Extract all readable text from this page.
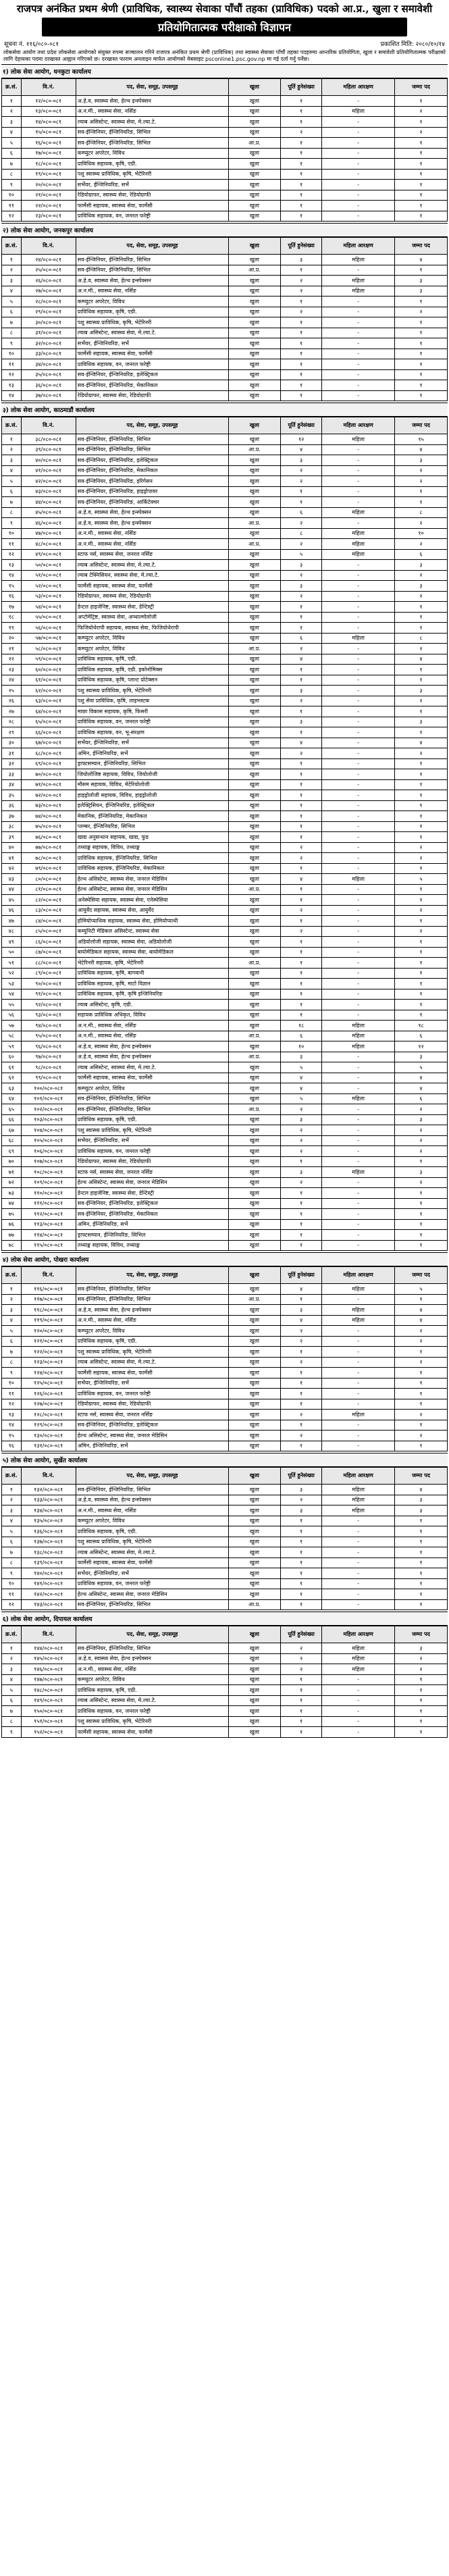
राजपत्र अनंकित प्रथम श्रेणी (प्राविधिक, स्वास्थ्य सेवाका पाँचौं तहका (प्राविधिक) पदको आ.प्र., खुला र समावेशी
प्रतियोगितात्मक परीक्षाको विज्ञापन
सूचना नं. ११६/०८०-०८१	प्रकाशित मिति: २०८०/१०/१४
लोकसेवा आयोग तथा प्रदेश लोकसेवा आयोगको संयुक्त रुपमा सञ्चालन गरिने राजपत्र अनंकित प्रथम श्रेणी (प्राविधिक) तथा स्वास्थ्य सेवाका पाँचौं तहका पदहरुमा आन्तरिक प्रतियोगिता, खुला र समावेशी प्रतियोगितात्मक परीक्षाको लागि देहायका पदमा दरखास्त आह्वान गरिएको छ। दरखास्त फाराम अनलाइन मार्फत आयोगको वेबसाइट psconline1.psc.gov.np मा गई दर्ता गर्नु पर्नेछ।
१) लोक सेवा आयोग, धनकुटा कार्यालय
क्र.सं.	वि.नं.	पद, सेवा, समूह, उपसमूह	खुला	पूर्ति हुनेसंख्या	महिला आरक्षण	जम्मा पद
१	१२/०८०-०८१	अ.हे.व, स्वास्थ्य सेवा, हेल्थ इन्स्पेक्सन	खुला	१	-	१
२	१३/०८०-०८१	अ.न.मी., स्वास्थ्य सेवा, नर्सिङ	खुला	१	महिला	२
३	१४/०८०-०८१	ल्याब असिस्टेन्ट, स्वास्थ्य सेवा, मे.ल्या.टे.	खुला	१	-	१
४	१५/०८०-०८१	सव-ईन्जिनियर, ईन्जिनियरिङ, सिभिल	खुला	२	-	२
५	१६/०८०-०८१	सव-ईन्जिनियर, ईन्जिनियरिङ, सिभिल	आ.प्र.	१	-	१
६	१७/०८०-०८१	कम्प्युटर अपरेटर, विविध	खुला	१	-	१
७	१८/०८०-०८१	प्राविधिक सहायक, कृषि, एग्री.	खुला	१	-	१
८	१९/०८०-०८१	पशु स्वास्थ्य प्राविधिक, कृषि, भेटेरिनरी	खुला	१	-	१
९	२०/०८०-०८१	सर्भेयर, ईन्जिनियरिङ, सर्भे	खुला	१	-	१
१०	२१/०८०-०८१	रेडियोग्राफर, स्वास्थ्य सेवा, रेडियोग्राफी	खुला	१	-	१
११	२२/०८०-०८१	फार्मेसी सहायक, स्वास्थ्य सेवा, फार्मेसी	खुला	१	-	१
१२	२३/०८०-०८१	प्राविधिक सहायक, वन, जनरल फरेष्ट्री	खुला	१	-	१
२) लोक सेवा आयोग, जनकपुर कार्यालय
क्र.सं.	वि.नं.	पद, सेवा, समूह, उपसमूह	खुला	पूर्ति हुनेसंख्या	महिला आरक्षण	जम्मा पद
१	२४/०८०-०८१	सव-ईन्जिनियर, ईन्जिनियरिङ, सिभिल	खुला	३	महिला	४
२	२५/०८०-०८१	सव-ईन्जिनियर, ईन्जिनियरिङ, सिभिल	आ.प्र.	१	-	१
३	२६/०८०-०८१	अ.हे.व, स्वास्थ्य सेवा, हेल्थ इन्स्पेक्सन	खुला	२	महिला	३
४	२७/०८०-०८१	अ.न.मी., स्वास्थ्य सेवा, नर्सिङ	खुला	२	महिला	३
५	२८/०८०-०८१	कम्प्युटर अपरेटर, विविध	खुला	१	-	१
६	२९/०८०-०८१	प्राविधिक सहायक, कृषि, एग्री.	खुला	२	-	२
७	३०/०८०-०८१	पशु स्वास्थ्य प्राविधिक, कृषि, भेटेरिनरी	खुला	१	-	१
८	३१/०८०-०८१	ल्याब असिस्टेन्ट, स्वास्थ्य सेवा, मे.ल्या.टे.	खुला	१	-	१
९	३२/०८०-०८१	सर्भेयर, ईन्जिनियरिङ, सर्भे	खुला	१	-	१
१०	३३/०८०-०८१	फार्मेसी सहायक, स्वास्थ्य सेवा, फार्मेसी	खुला	१	-	१
११	३४/०८०-०८१	प्राविधिक सहायक, वन, जनरल फरेष्ट्री	खुला	१	-	१
१२	३५/०८०-०८१	सव-ईन्जिनियर, ईन्जिनियरिङ, इलेक्ट्रिकल	खुला	१	-	१
१३	३६/०८०-०८१	सव-ईन्जिनियर, ईन्जिनियरिङ, मेकानिकल	खुला	१	-	१
१४	३७/०८०-०८१	रेडियोग्राफर, स्वास्थ्य सेवा, रेडियोग्राफी	खुला	१	-	१
३) लोक सेवा आयोग, काठमाडौं कार्यालय
क्र.सं.	वि.नं.	पद, सेवा, समूह, उपसमूह	खुला	पूर्ति हुनेसंख्या	महिला आरक्षण	जम्मा पद
१	३८/०८०-०८१	सव-ईन्जिनियर, ईन्जिनियरिङ, सिभिल	खुला	१२	महिला	१५
२	३९/०८०-०८१	सव-ईन्जिनियर, ईन्जिनियरिङ, सिभिल	आ.प्र.	४	-	४
३	४०/०८०-०८१	सव-ईन्जिनियर, ईन्जिनियरिङ, इलेक्ट्रिकल	खुला	३	-	३
४	४१/०८०-०८१	सव-ईन्जिनियर, ईन्जिनियरिङ, मेकानिकल	खुला	२	-	२
५	४२/०८०-०८१	सव-ईन्जिनियर, ईन्जिनियरिङ, इरिगेसन	खुला	२	-	२
६	४३/०८०-०८१	सव-ईन्जिनियर, ईन्जिनियरिङ, हाइड्रोपावर	खुला	१	-	१
७	४४/०८०-०८१	सव-ईन्जिनियर, ईन्जिनियरिङ, आर्किटेक्चर	खुला	१	-	१
८	४५/०८०-०८१	अ.हे.व, स्वास्थ्य सेवा, हेल्थ इन्स्पेक्सन	खुला	६	महिला	८
९	४६/०८०-०८१	अ.हे.व, स्वास्थ्य सेवा, हेल्थ इन्स्पेक्सन	आ.प्र.	२	-	२
१०	४७/०८०-०८१	अ.न.मी., स्वास्थ्य सेवा, नर्सिङ	खुला	८	महिला	१०
११	४८/०८०-०८१	अ.न.मी., स्वास्थ्य सेवा, नर्सिङ	आ.प्र.	२	महिला	२
१२	४९/०८०-०८१	स्टाफ नर्स, स्वास्थ्य सेवा, जनरल नर्सिङ	खुला	५	महिला	६
१३	५०/०८०-०८१	ल्याब असिस्टेन्ट, स्वास्थ्य सेवा, मे.ल्या.टे.	खुला	३	-	३
१४	५१/०८०-०८१	ल्याब टेक्निसियन, स्वास्थ्य सेवा, मे.ल्या.टे.	खुला	२	-	२
१५	५२/०८०-०८१	फार्मेसी सहायक, स्वास्थ्य सेवा, फार्मेसी	खुला	३	-	३
१६	५३/०८०-०८१	रेडियोग्राफर, स्वास्थ्य सेवा, रेडियोग्राफी	खुला	२	-	२
१७	५४/०८०-०८१	डेन्टल हाइजेनिष्ट, स्वास्थ्य सेवा, डेन्टिस्ट्री	खुला	१	-	१
१८	५५/०८०-०८१	अप्टोमेट्रिष्ट, स्वास्थ्य सेवा, अप्थाल्मोलोजी	खुला	१	-	१
१९	५६/०८०-०८१	फिजियोथेरापी सहायक, स्वास्थ्य सेवा, फिजियोथेरापी	खुला	१	-	१
२०	५७/०८०-०८१	कम्प्युटर अपरेटर, विविध	खुला	६	महिला	८
२१	५८/०८०-०८१	कम्प्युटर अपरेटर, विविध	आ.प्र.	२	-	२
२२	५९/०८०-०८१	प्राविधिक सहायक, कृषि, एग्री.	खुला	४	-	४
२३	६०/०८०-०८१	प्राविधिक सहायक, कृषि, एग्री. इकोनोमिक्स	खुला	१	-	१
२४	६१/०८०-०८१	प्राविधिक सहायक, कृषि, प्लान्ट प्रोटेक्सन	खुला	१	-	१
२५	६२/०८०-०८१	पशु स्वास्थ्य प्राविधिक, कृषि, भेटेरिनरी	खुला	३	-	३
२६	६३/०८०-०८१	पशु सेवा प्राविधिक, कृषि, लाइभस्टक	खुला	२	-	२
२७	६४/०८०-०८१	माछा विकास सहायक, कृषि, फिसरी	खुला	१	-	१
२८	६५/०८०-०८१	प्राविधिक सहायक, वन, जनरल फरेष्ट्री	खुला	३	-	३
२९	६६/०८०-०८१	प्राविधिक सहायक, वन, भू-संरक्षण	खुला	१	-	१
३०	६७/०८०-०८१	सर्भेयर, ईन्जिनियरिङ, सर्भे	खुला	४	-	४
३१	६८/०८०-०८१	अमिन, ईन्जिनियरिङ, सर्भे	खुला	२	-	२
३२	६९/०८०-०८१	ड्राफ्टसम्यान, ईन्जिनियरिङ, सिभिल	खुला	१	-	१
३३	७०/०८०-०८१	जियोलोजिष्ट सहायक, विविध, जियोलोजी	खुला	१	-	१
३४	७१/०८०-०८१	मौसम सहायक, विविध, मेटेरियोलोजी	खुला	१	-	१
३५	७२/०८०-०८१	हाइड्रोलोजी सहायक, विविध, हाइड्रोलोजी	खुला	१	-	१
३६	७३/०८०-०८१	इलेक्ट्रिसियन, ईन्जिनियरिङ, इलेक्ट्रिकल	खुला	१	-	१
३७	७४/०८०-०८१	मेकानिक, ईन्जिनियरिङ, मेकानिकल	खुला	१	-	१
३८	७५/०८०-०८१	प्लम्बर, ईन्जिनियरिङ, सिभिल	खुला	१	-	१
३९	७६/०८०-०८१	खाद्य अनुसन्धान सहायक, खाद्य, फुड	खुला	१	-	१
४०	७७/०८०-०८१	तथ्याङ्क सहायक, विविध, तथ्याङ्क	खुला	२	-	२
४१	७८/०८०-०८१	प्राविधिक सहायक, ईन्जिनियरिङ, सिभिल	खुला	२	-	२
४२	७९/०८०-०८१	प्राविधिक सहायक, ईन्जिनियरिङ, मेकानिकल	खुला	१	-	१
४३	८०/०८०-०८१	हेल्थ असिस्टेन्ट, स्वास्थ्य सेवा, जनरल मेडिसिन	खुला	४	महिला	५
४४	८१/०८०-०८१	हेल्थ असिस्टेन्ट, स्वास्थ्य सेवा, जनरल मेडिसिन	आ.प्र.	१	-	१
४५	८२/०८०-०८१	अनेस्थेसिया सहायक, स्वास्थ्य सेवा, एनेस्थेसिया	खुला	१	-	१
४६	८३/०८०-०८१	आयुर्वेद सहायक, स्वास्थ्य सेवा, आयुर्वेद	खुला	२	-	२
४७	८४/०८०-०८१	होमियोप्याथिक सहायक, स्वास्थ्य सेवा, होमियोप्याथी	खुला	१	-	१
४८	८५/०८०-०८१	कम्युनिटी मेडिकल असिस्टेन्ट, स्वास्थ्य सेवा	खुला	२	-	२
४९	८६/०८०-०८१	अडियोलोजी सहायक, स्वास्थ्य सेवा, अडियोलोजी	खुला	१	-	१
५०	८७/०८०-०८१	बायोमेडिकल सहायक, स्वास्थ्य सेवा, बायोमेडिकल	खुला	१	-	१
५१	८८/०८०-०८१	भेटेरिनरी सहायक, कृषि, भेटेरिनरी	आ.प्र.	१	-	१
५२	८९/०८०-०८१	प्राविधिक सहायक, कृषि, बागवानी	खुला	१	-	१
५३	९०/०८०-०८१	प्राविधिक सहायक, कृषि, माटो विज्ञान	खुला	१	-	१
५४	९१/०८०-०८१	प्राविधिक सहायक, कृषि, कृषि इन्जिनियरिङ	खुला	१	-	१
५५	९२/०८०-०८१	ल्याब असिस्टेन्ट, कृषि, एग्री.	खुला	१	-	१
५६	९३/०८०-०८१	सहायक प्राविधिक अधिकृत, विविध	खुला	१	-	१
५७	९४/०८०-०८१	अ.न.मी., स्वास्थ्य सेवा, नर्सिङ	खुला	१८	महिला	१८
५८	९५/०८०-०८१	अ.न.मी., स्वास्थ्य सेवा, नर्सिङ	आ.प्र.	६	महिला	६
५९	९६/०८०-०८१	अ.हे.व, स्वास्थ्य सेवा, हेल्थ इन्स्पेक्सन	खुला	१०	महिला	१२
६०	९७/०८०-०८१	अ.हे.व, स्वास्थ्य सेवा, हेल्थ इन्स्पेक्सन	आ.प्र.	३	-	३
६१	९८/०८०-०८१	ल्याब असिस्टेन्ट, स्वास्थ्य सेवा, मे.ल्या.टे.	खुला	५	-	५
६२	९९/०८०-०८१	फार्मेसी सहायक, स्वास्थ्य सेवा, फार्मेसी	खुला	४	-	४
६३	१००/०८०-०८१	कम्प्युटर अपरेटर, विविध	खुला	४	-	४
६४	१०१/०८०-०८१	सव-ईन्जिनियर, ईन्जिनियरिङ, सिभिल	खुला	५	महिला	६
६५	१०२/०८०-०८१	सव-ईन्जिनियर, ईन्जिनियरिङ, सिभिल	आ.प्र.	२	-	२
६६	१०३/०८०-०८१	प्राविधिक सहायक, कृषि, एग्री.	खुला	३	-	३
६७	१०४/०८०-०८१	पशु स्वास्थ्य प्राविधिक, कृषि, भेटेरिनरी	खुला	२	-	२
६८	१०५/०८०-०८१	सर्भेयर, ईन्जिनियरिङ, सर्भे	खुला	२	-	२
६९	१०६/०८०-०८१	प्राविधिक सहायक, वन, जनरल फरेष्ट्री	खुला	२	-	२
७०	१०७/०८०-०८१	रेडियोग्राफर, स्वास्थ्य सेवा, रेडियोग्राफी	खुला	१	-	१
७१	१०८/०८०-०८१	स्टाफ नर्स, स्वास्थ्य सेवा, जनरल नर्सिङ	खुला	३	महिला	३
७२	१०९/०८०-०८१	हेल्थ असिस्टेन्ट, स्वास्थ्य सेवा, जनरल मेडिसिन	खुला	२	-	२
७३	११०/०८०-०८१	डेन्टल हाइजेनिष्ट, स्वास्थ्य सेवा, डेन्टिस्ट्री	खुला	१	-	१
७४	१११/०८०-०८१	सव-ईन्जिनियर, ईन्जिनियरिङ, इलेक्ट्रिकल	खुला	१	-	१
७५	११२/०८०-०८१	सव-ईन्जिनियर, ईन्जिनियरिङ, मेकानिकल	खुला	१	-	१
७६	११३/०८०-०८१	अमिन, ईन्जिनियरिङ, सर्भे	खुला	१	-	१
७७	११४/०८०-०८१	ड्राफ्टसम्यान, ईन्जिनियरिङ, सिभिल	खुला	१	-	१
७८	११५/०८०-०८१	तथ्याङ्क सहायक, विविध, तथ्याङ्क	खुला	१	-	१
४) लोक सेवा आयोग, पोखरा कार्यालय
क्र.सं.	वि.नं.	पद, सेवा, समूह, उपसमूह	खुला	पूर्ति हुनेसंख्या	महिला आरक्षण	जम्मा पद
१	११६/०८०-०८१	सव-ईन्जिनियर, ईन्जिनियरिङ, सिभिल	खुला	४	महिला	५
२	११७/०८०-०८१	सव-ईन्जिनियर, ईन्जिनियरिङ, सिभिल	आ.प्र.	१	-	१
३	११८/०८०-०८१	अ.हे.व, स्वास्थ्य सेवा, हेल्थ इन्स्पेक्सन	खुला	३	महिला	४
४	११९/०८०-०८१	अ.न.मी., स्वास्थ्य सेवा, नर्सिङ	खुला	४	महिला	४
५	१२०/०८०-०८१	कम्प्युटर अपरेटर, विविध	खुला	२	-	२
६	१२१/०८०-०८१	प्राविधिक सहायक, कृषि, एग्री.	खुला	२	-	२
७	१२२/०८०-०८१	पशु स्वास्थ्य प्राविधिक, कृषि, भेटेरिनरी	खुला	१	-	१
८	१२३/०८०-०८१	ल्याब असिस्टेन्ट, स्वास्थ्य सेवा, मे.ल्या.टे.	खुला	२	-	२
९	१२४/०८०-०८१	फार्मेसी सहायक, स्वास्थ्य सेवा, फार्मेसी	खुला	१	-	१
१०	१२५/०८०-०८१	सर्भेयर, ईन्जिनियरिङ, सर्भे	खुला	१	-	१
११	१२६/०८०-०८१	प्राविधिक सहायक, वन, जनरल फरेष्ट्री	खुला	१	-	१
१२	१२७/०८०-०८१	रेडियोग्राफर, स्वास्थ्य सेवा, रेडियोग्राफी	खुला	१	-	१
१३	१२८/०८०-०८१	स्टाफ नर्स, स्वास्थ्य सेवा, जनरल नर्सिङ	खुला	२	महिला	२
१४	१२९/०८०-०८१	सव-ईन्जिनियर, ईन्जिनियरिङ, इलेक्ट्रिकल	खुला	१	-	१
१५	१३०/०८०-०८१	हेल्थ असिस्टेन्ट, स्वास्थ्य सेवा, जनरल मेडिसिन	खुला	२	-	२
१६	१३१/०८०-०८१	अमिन, ईन्जिनियरिङ, सर्भे	खुला	१	-	१
५) लोक सेवा आयोग, सुर्खेत कार्यालय
क्र.सं.	वि.नं.	पद, सेवा, समूह, उपसमूह	खुला	पूर्ति हुनेसंख्या	महिला आरक्षण	जम्मा पद
१	१३२/०८०-०८१	सव-ईन्जिनियर, ईन्जिनियरिङ, सिभिल	खुला	३	महिला	४
२	१३३/०८०-०८१	अ.हे.व, स्वास्थ्य सेवा, हेल्थ इन्स्पेक्सन	खुला	२	महिला	३
३	१३४/०८०-०८१	अ.न.मी., स्वास्थ्य सेवा, नर्सिङ	खुला	३	महिला	३
४	१३५/०८०-०८१	कम्प्युटर अपरेटर, विविध	खुला	१	-	१
५	१३६/०८०-०८१	प्राविधिक सहायक, कृषि, एग्री.	खुला	१	-	१
६	१३७/०८०-०८१	पशु स्वास्थ्य प्राविधिक, कृषि, भेटेरिनरी	खुला	१	-	१
७	१३८/०८०-०८१	ल्याब असिस्टेन्ट, स्वास्थ्य सेवा, मे.ल्या.टे.	खुला	१	-	१
८	१३९/०८०-०८१	फार्मेसी सहायक, स्वास्थ्य सेवा, फार्मेसी	खुला	१	-	१
९	१४०/०८०-०८१	सर्भेयर, ईन्जिनियरिङ, सर्भे	खुला	१	-	१
१०	१४१/०८०-०८१	प्राविधिक सहायक, वन, जनरल फरेष्ट्री	खुला	१	-	१
११	१४२/०८०-०८१	हेल्थ असिस्टेन्ट, स्वास्थ्य सेवा, जनरल मेडिसिन	खुला	१	-	१
१२	१४३/०८०-०८१	सव-ईन्जिनियर, ईन्जिनियरिङ, सिभिल	आ.प्र.	१	-	१
६) लोक सेवा आयोग, दिपायल कार्यालय
क्र.सं.	वि.नं.	पद, सेवा, समूह, उपसमूह	खुला	पूर्ति हुनेसंख्या	महिला आरक्षण	जम्मा पद
१	१४४/०८०-०८१	सव-ईन्जिनियर, ईन्जिनियरिङ, सिभिल	खुला	२	महिला	३
२	१४५/०८०-०८१	अ.हे.व, स्वास्थ्य सेवा, हेल्थ इन्स्पेक्सन	खुला	२	महिला	२
३	१४६/०८०-०८१	अ.न.मी., स्वास्थ्य सेवा, नर्सिङ	खुला	२	महिला	२
४	१४७/०८०-०८१	कम्प्युटर अपरेटर, विविध	खुला	१	-	१
५	१४८/०८०-०८१	प्राविधिक सहायक, कृषि, एग्री.	खुला	१	-	१
६	१४९/०८०-०८१	ल्याब असिस्टेन्ट, स्वास्थ्य सेवा, मे.ल्या.टे.	खुला	१	-	१
७	१५०/०८०-०८१	प्राविधिक सहायक, वन, जनरल फरेष्ट्री	खुला	१	-	१
८	१५१/०८०-०८१	पशु स्वास्थ्य प्राविधिक, कृषि, भेटेरिनरी	खुला	१	-	१
९	१५२/०८०-०८१	फार्मेसी सहायक, स्वास्थ्य सेवा, फार्मेसी	खुला	१	-	१
